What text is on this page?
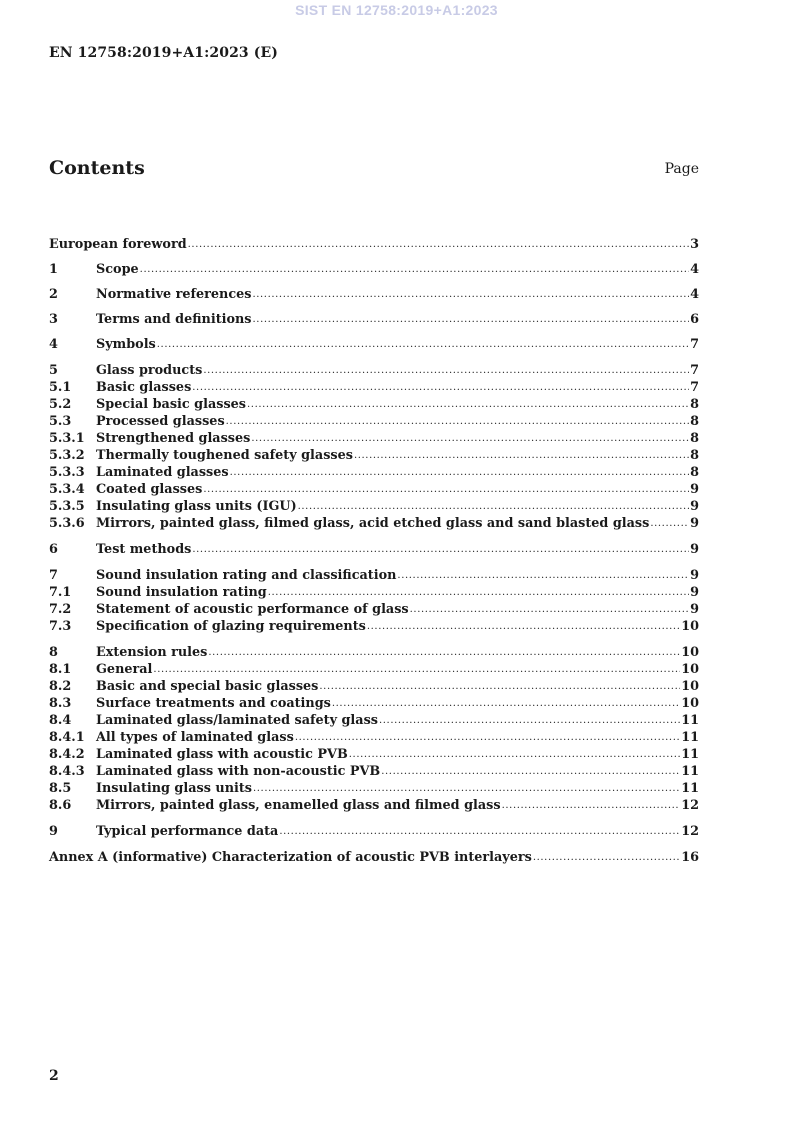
SIST EN 12758:2019+A1:2023
EN 12758:2019+A1:2023 (E)
Contents	Page
European foreword .....	3
1	Scope .....	4
2	Normative references .....	4
3	Terms and definitions .....	6
4	Symbols .....	7
5	Glass products .....	7
5.1	Basic glasses .....	7
5.2	Special basic glasses .....	8
5.3	Processed glasses .....	8
5.3.1 Strengthened glasses .....	8
5.3.2 Thermally toughened safety glasses .....	8
5.3.3 Laminated glasses .....	8
5.3.4 Coated glasses .....	9
5.3.5 Insulating glass units (IGU) .....	9
5.3.6 Mirrors, painted glass, filmed glass, acid etched glass and sand blasted glass .....	9
6	Test methods .....	9
7	Sound insulation rating and classification .....	9
7.1	Sound insulation rating .....	9
7.2	Statement of acoustic performance of glass .....	9
7.3	Specification of glazing requirements .....	10
8	Extension rules .....	10
8.1	General .....	10
8.2	Basic and special basic glasses .....	10
8.3	Surface treatments and coatings .....	10
8.4	Laminated glass/laminated safety glass .....	11
8.4.1 All types of laminated glass .....	11
8.4.2 Laminated glass with acoustic PVB .....	11
8.4.3 Laminated glass with non-acoustic PVB .....	11
8.5	Insulating glass units .....	11
8.6	Mirrors, painted glass, enamelled glass and filmed glass .....	12
9	Typical performance data .....	12
Annex A (informative) Characterization of acoustic PVB interlayers .....	16
2
